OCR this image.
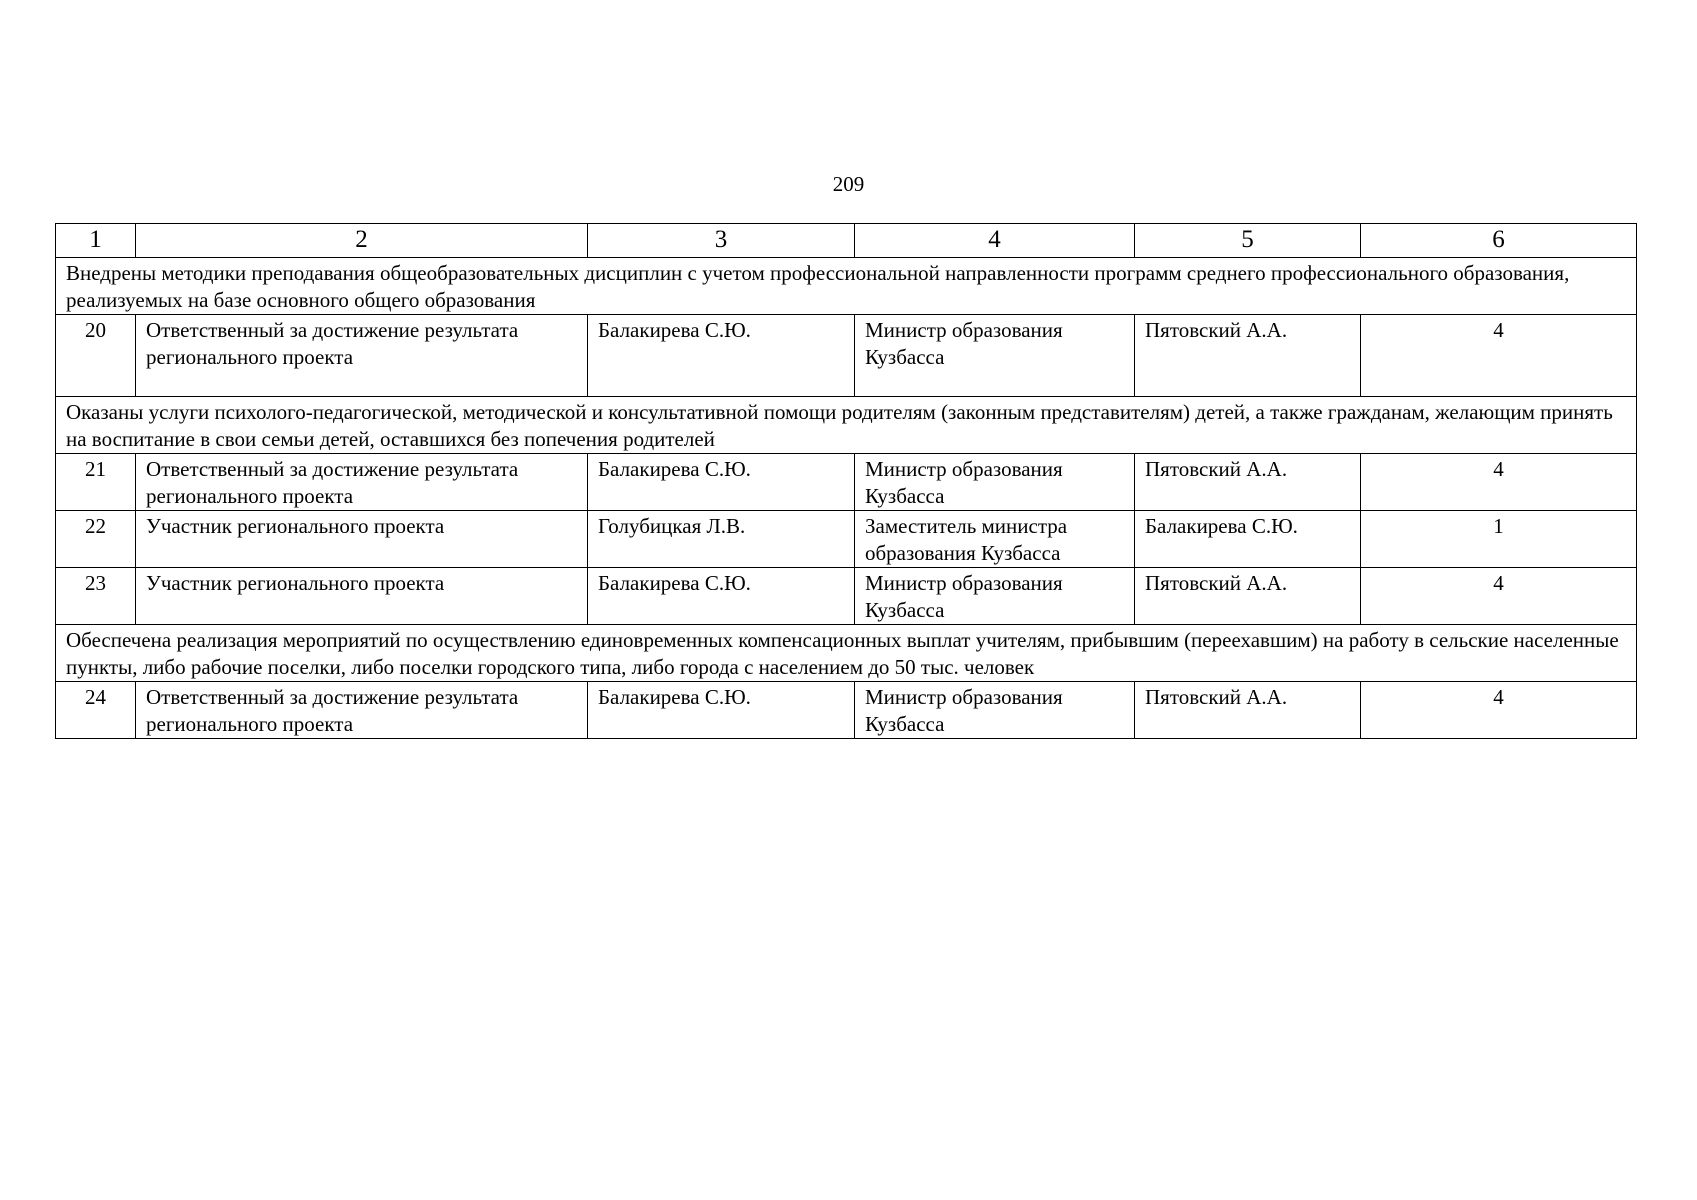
209
1	2	3	4	5	6
Внедрены методики преподавания общеобразовательных дисциплин с учетом профессиональной направленности программ среднего профессионального образования, реализуемых на базе основного общего образования					
20	Ответственный за достижение результата регионального проекта	Балакирева С.Ю.	Министр образования Кузбасса	Пятовский А.А.	4
Оказаны услуги психолого-педагогической, методической и консультативной помощи родителям (законным представителям) детей, а также гражданам, желающим принять на воспитание в свои семьи детей, оставшихся без попечения родителей					
21	Ответственный за достижение результата регионального проекта	Балакирева С.Ю.	Министр образования Кузбасса	Пятовский А.А.	4
22	Участник регионального проекта	Голубицкая Л.В.	Заместитель министра образования Кузбасса	Балакирева С.Ю.	1
23	Участник регионального проекта	Балакирева С.Ю.	Министр образования Кузбасса	Пятовский А.А.	4
Обеспечена реализация мероприятий по осуществлению единовременных компенсационных выплат учителям, прибывшим (переехавшим) на работу в сельские населенные пункты, либо рабочие поселки, либо поселки городского типа, либо города с населением до 50 тыс. человек					
24	Ответственный за достижение результата регионального проекта	Балакирева С.Ю.	Министр образования Кузбасса	Пятовский А.А.	4
